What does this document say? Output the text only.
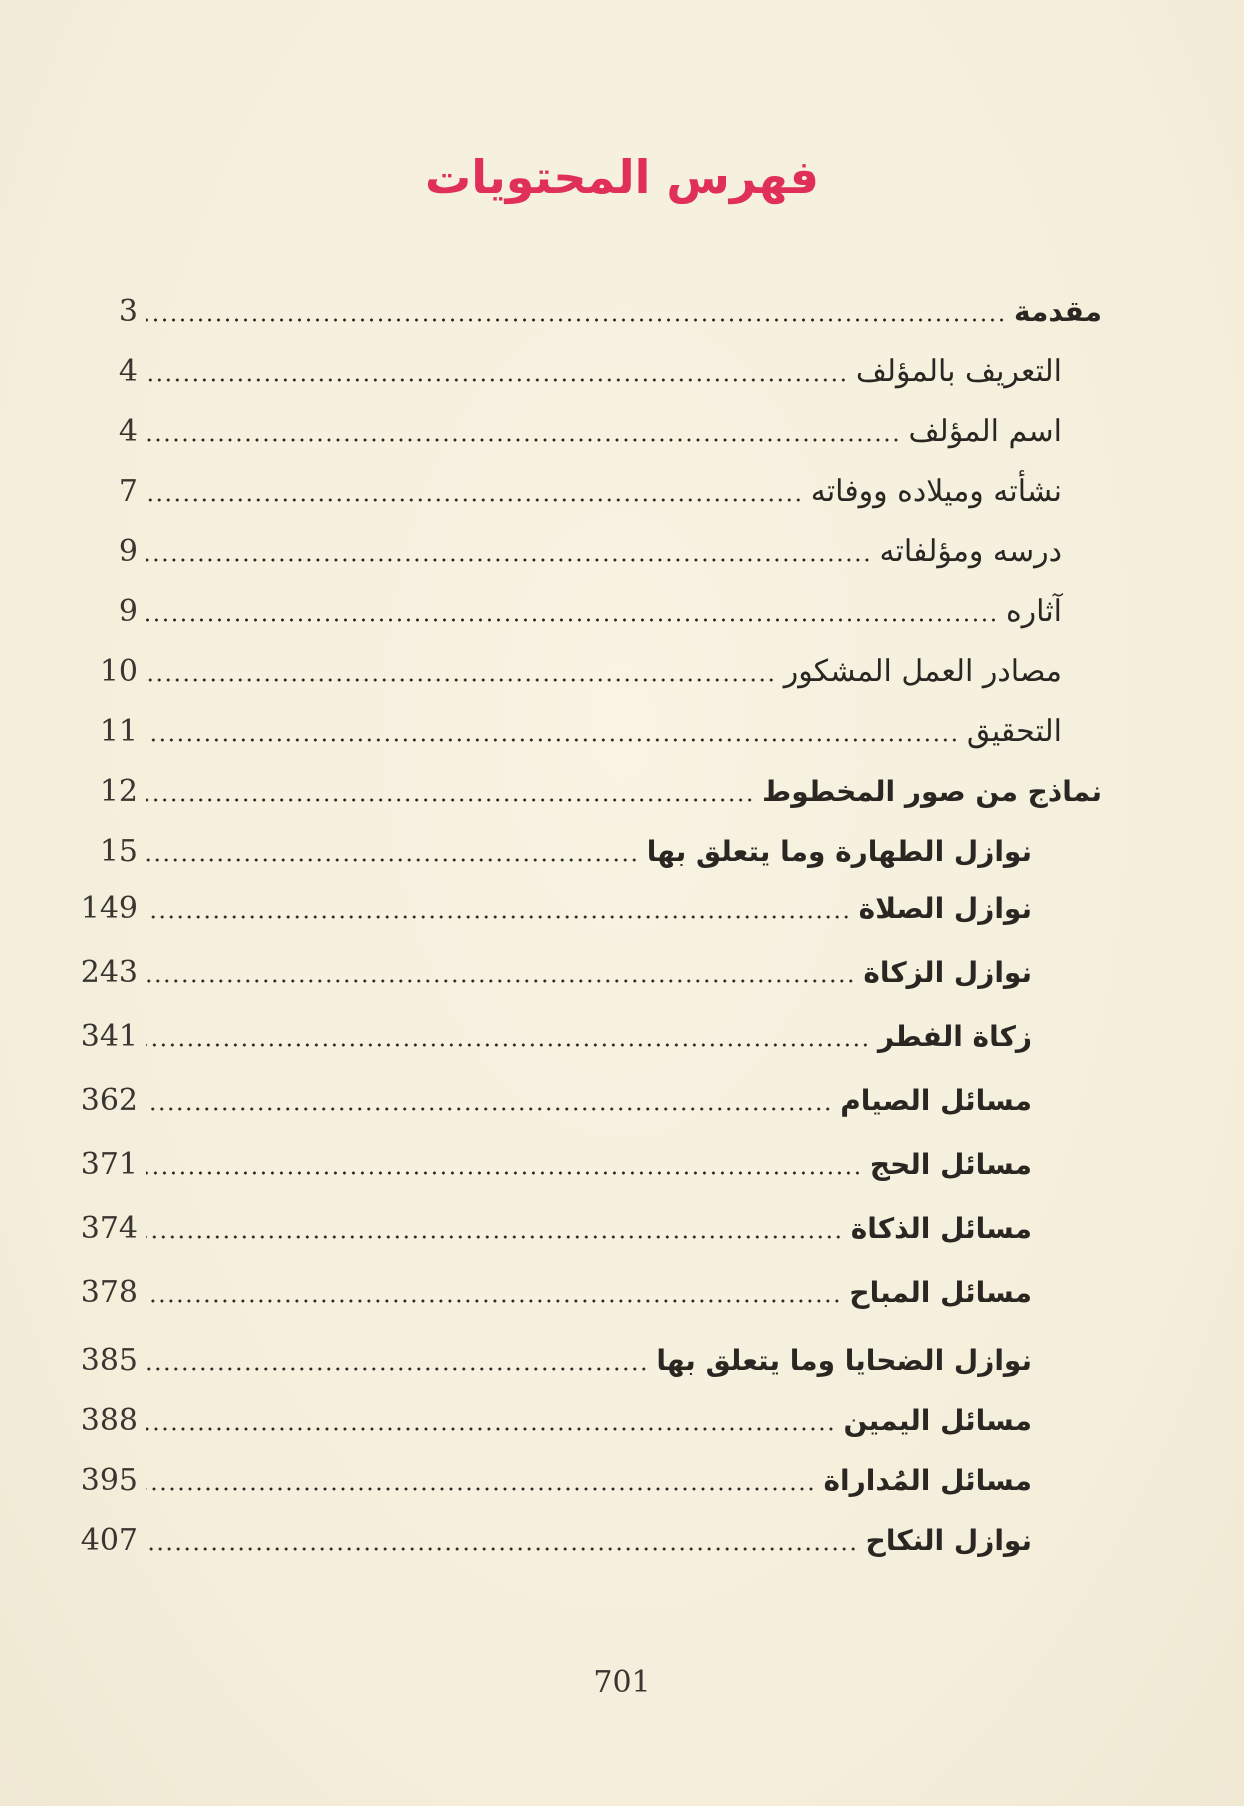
فهرس المحتويات
مقدمة
3
التعريف بالمؤلف
4
اسم المؤلف
4
نشأته وميلاده ووفاته
7
درسه ومؤلفاته
9
آثاره
9
مصادر العمل المشكور
10
التحقيق
11
نماذج من صور المخطوط
12
نوازل الطهارة وما يتعلق بها
15
نوازل الصلاة
149
نوازل الزكاة
243
زكاة الفطر
341
مسائل الصيام
362
مسائل الحج
371
مسائل الذكاة
374
مسائل المباح
378
نوازل الضحايا وما يتعلق بها
385
مسائل اليمين
388
مسائل المُداراة
395
نوازل النكاح
407
701
